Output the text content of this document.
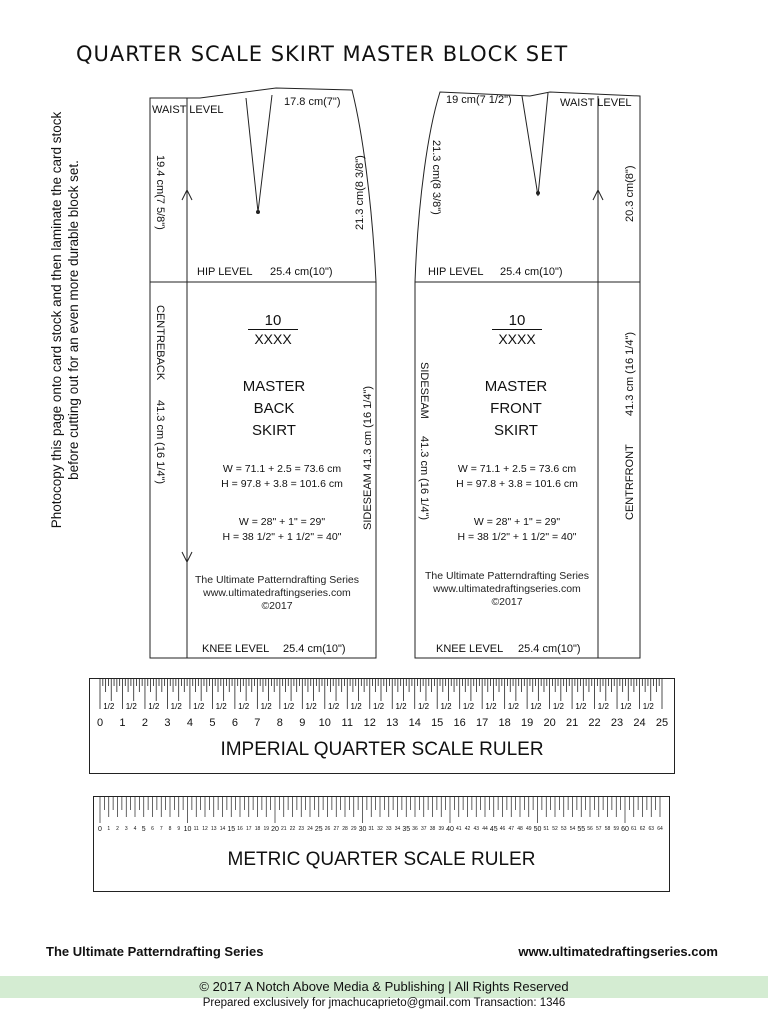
QUARTER SCALE SKIRT MASTER BLOCK SET
Photocopy this page onto card stock and then laminate the card stock before cutting out for an even more durable block set.
WAIST LEVEL
17.8 cm(7")
19.4 cm(7 5/8")	21.3 cm(8 3/8")
HIP LEVEL 25.4 cm(10")
CENTREBACK
41.3 cm (16 1/4")
SIDESEAM
41.3 cm (16 1/4")
10
XXXX
MASTER
BACK
SKIRT
W = 71.1 + 2.5 = 73.6 cm
H = 97.8 + 3.8 = 101.6 cm
W = 28" + 1" = 29"
H = 38 1/2" + 1 1/2" = 40"
The Ultimate Patterndrafting Series
www.ultimatedraftingseries.com
©2017
KNEE LEVEL 25.4 cm(10")
19 cm(7 1/2")	WAIST LEVEL
21.3 cm(8 3/8")	20.3 cm(8")
HIP LEVEL 25.4 cm(10")
SIDESEAM
41.3 cm (16 1/4")	CENTRFRONT
41.3 cm (16 1/4")
10
XXXX
MASTER
FRONT
SKIRT
W = 71.1 + 2.5 = 73.6 cm
H = 97.8 + 3.8 = 101.6 cm
W = 28" + 1" = 29"
H = 38 1/2" + 1 1/2" = 40"
The Ultimate Patterndrafting Series
www.ultimatedraftingseries.com
©2017
KNEE LEVEL 25.4 cm(10")
1/2 1/2 1/2 1/2 1/2 1/2 1/2 1/2 1/2 1/2 1/2 1/2 1/2 1/2 1/2 1/2 1/2 1/2 1/2 1/2 1/2 1/2 1/2 1/2 1/2
0 1 2 3 4 5 6 7 8 9 10 11 12 13 14 15 16 17 18 19 20 21 22 23 24 25
IMPERIAL QUARTER SCALE RULER
0 1 2 3 4 5 6 7 8 9 10 11 12 13 14 15 16 17 18 19 20 21 22 23 24 25 26 27 28 29 30 31 32 33 34 35 36 37 38 39 40 41 42 43 44 45 46 47 48 49 50 51 52 53 54 55 56 57 58 59 60 61 62 63 64
METRIC QUARTER SCALE RULER
The Ultimate Patterndrafting Series	www.ultimatedraftingseries.com
© 2017 A Notch Above Media & Publishing | All Rights Reserved
Prepared exclusively for jmachucaprieto@gmail.com Transaction: 1346
